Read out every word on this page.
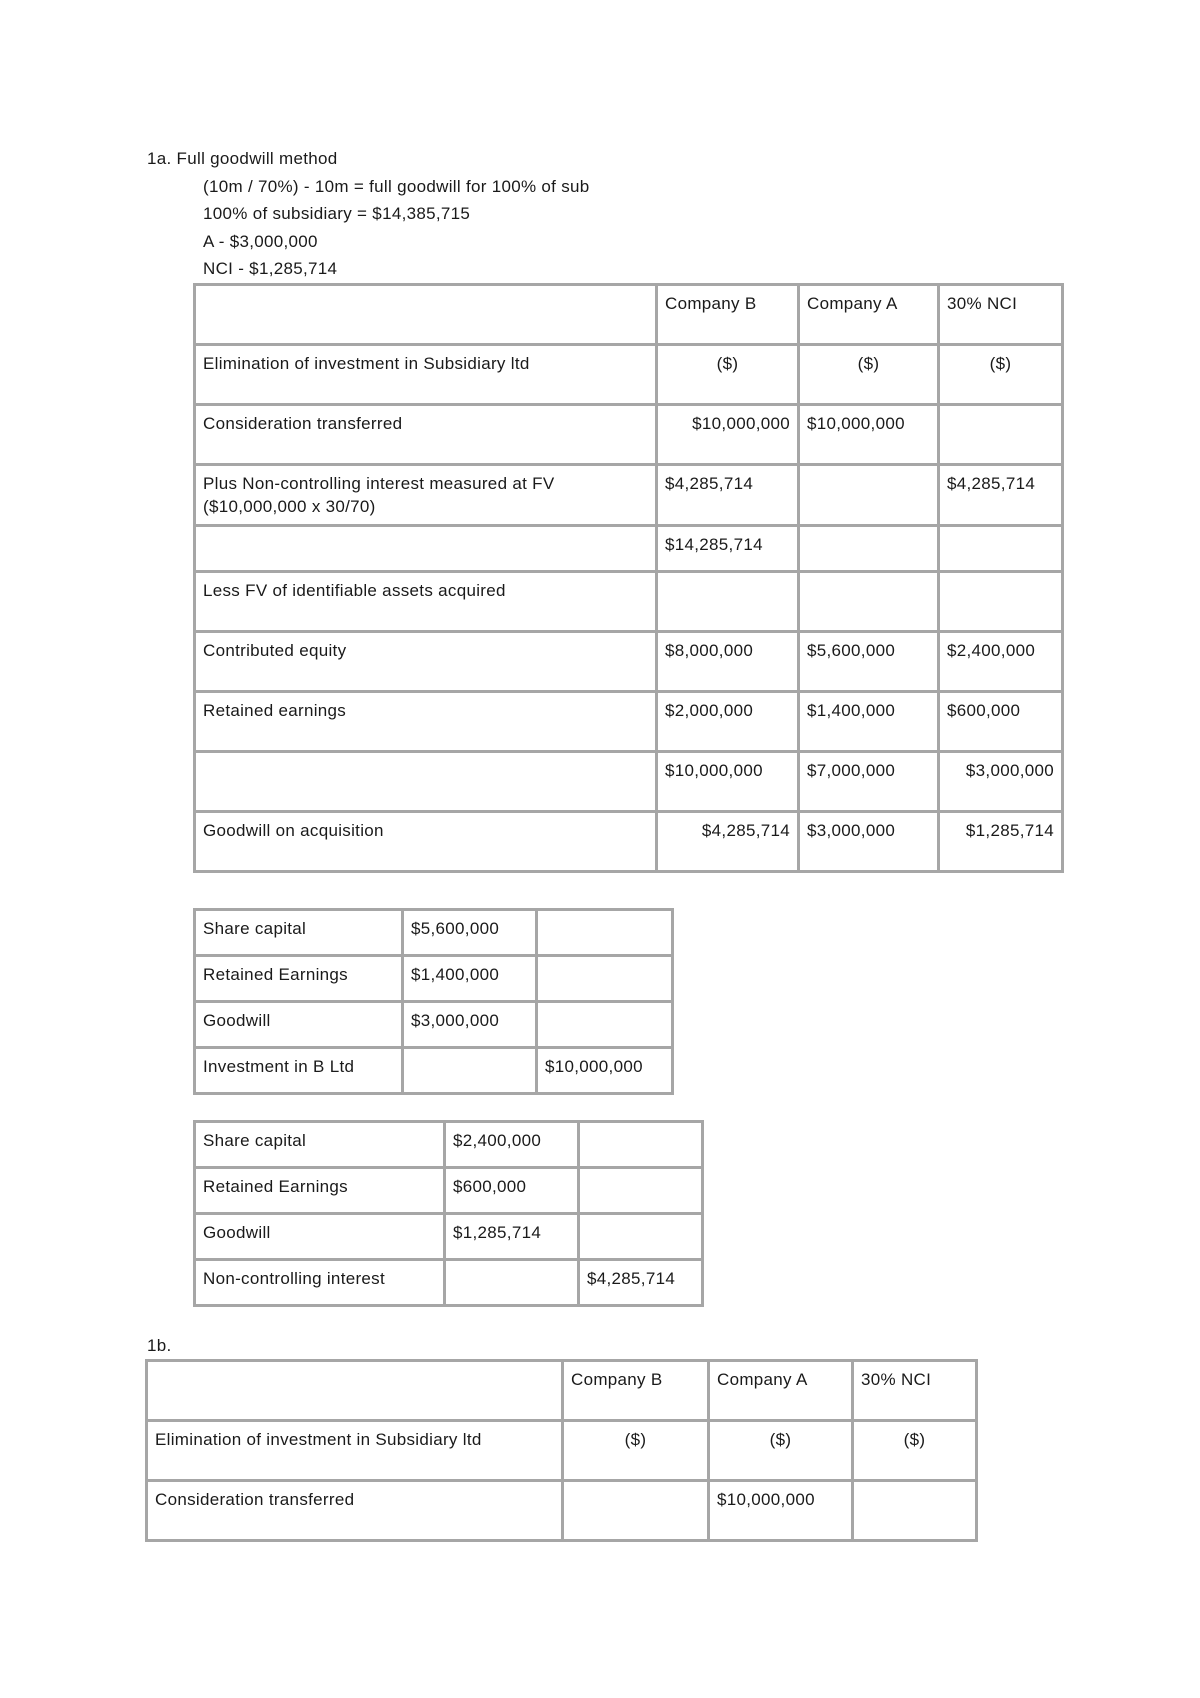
1a. Full goodwill method
(10m / 70%) - 10m = full goodwill for 100% of sub
100% of subsidiary = $14,385,715
A - $3,000,000
NCI - $1,285,714
	Company B	Company A	30% NCI
Elimination of investment in Subsidiary ltd	($)	($)	($)
Consideration transferred	$10,000,000	$10,000,000	
Plus Non-controlling interest measured at FV ($10,000,000 x 30/70)	$4,285,714		$4,285,714
	$14,285,714		
Less FV of identifiable assets acquired			
Contributed equity	$8,000,000	$5,600,000	$2,400,000
Retained earnings	$2,000,000	$1,400,000	$600,000
	$10,000,000	$7,000,000	$3,000,000
Goodwill on acquisition	$4,285,714	$3,000,000	$1,285,714
Share capital	$5,600,000	
Retained Earnings	$1,400,000	
Goodwill	$3,000,000	
Investment in B Ltd		$10,000,000
Share capital	$2,400,000	
Retained Earnings	$600,000	
Goodwill	$1,285,714	
Non-controlling interest		$4,285,714
1b.
	Company B	Company A	30% NCI
Elimination of investment in Subsidiary ltd	($)	($)	($)
Consideration transferred		$10,000,000	
